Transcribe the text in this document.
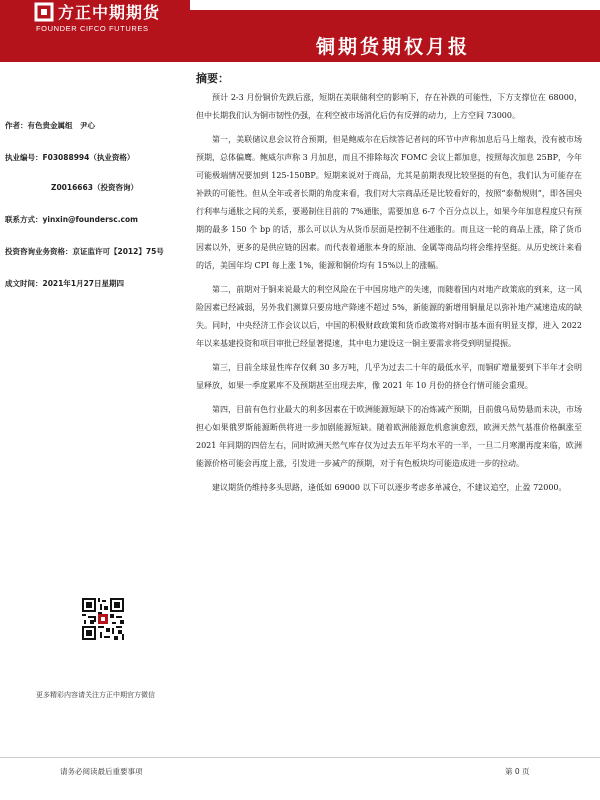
铜期货期权月报
方正中期期货
FOUNDER CIFCO FUTURES
作者：有色贵金属组　尹心
执业编号：F03088994（执业资格）
Z0016663（投资咨询）
联系方式：yinxin@foundersc.com
投资咨询业务资格：京证监许可【2012】75号
成文时间：2021年1月27日星期四
更多精彩内容请关注方正中期官方微信
摘要：

预计 2-3 月份铜价先跌后涨，短期在美联储利空的影响下，存在补跌的可能性，下方支撑位在 68000，但中长期我们认为铜市韧性仍强，在利空被市场消化后仍有反弹的动力，上方空间 73000。

第一，美联储议息会议符合预期，但是鲍威尔在后续答记者问的环节中声称加息后马上缩表，没有被市场预期，总体偏鹰。鲍威尔声称 3 月加息，而且不排除每次 FOMC 会议上都加息，按照每次加息 25BP，今年可能极端情况要加到 125-150BP。短期来说对于商品，尤其是前期表现比较坚挺的有色，我们认为可能存在补跌的可能性。但从全年或者长期的角度来看，我们对大宗商品还是比较看好的，按照“泰勒规则”，即各国央行利率与通胀之间的关系，要遏制住目前的 7%通胀，需要加息 6-7 个百分点以上，如果今年加息程度只有预期的最多 150 个 bp 的话，那么可以认为从货币层面是控制不住通胀的。而且这一轮的商品上涨，除了货币因素以外，更多的是供应链的因素。而代表着通胀本身的原油、金属等商品均将会维持坚挺。从历史统计来看的话，美国年均 CPI 每上涨 1%，能源和铜价均有 15%以上的涨幅。

第二，前期对于铜来说最大的利空风险在于中国房地产的失速，而随着国内对地产政策底的到来，这一风险因素已经减弱，另外我们测算只要房地产降速不超过 5%，新能源的新增用铜量足以弥补地产减速造成的缺失。同时，中央经济工作会议以后，中国的积极财政政策和货币政策将对铜市基本面有明显支撑，进入 2022 年以来基建投资和项目审批已经显著提速，其中电力建设这一铜主要需求将受到明显提振。

第三，目前全球显性库存仅剩 30 多万吨，几乎为过去二十年的最低水平，而铜矿增量要到下半年才会明显释放，如果一季度累库不及预期甚至出现去库，像 2021 年 10 月份的挤仓行情可能会重现。

第四，目前有色行业最大的利多因素在于欧洲能源短缺下的冶炼减产预期，目前俄乌局势悬而未决，市场担心如果俄罗斯能源断供将进一步加剧能源短缺。随着欧洲能源危机愈演愈烈，欧洲天然气基准价格飙涨至 2021 年同期的四倍左右，同时欧洲天然气库存仅为过去五年平均水平的一半，一旦二月寒潮再度来临，欧洲能源价格可能会再度上涨，引发进一步减产的预期，对于有色板块均可能造成进一步的拉动。

建议期货仍维持多头思路，逢低如 69000 以下可以逐步考虑多单减仓，不建议追空，止盈 72000。

请务必阅读最后重要事项	第 0 页
